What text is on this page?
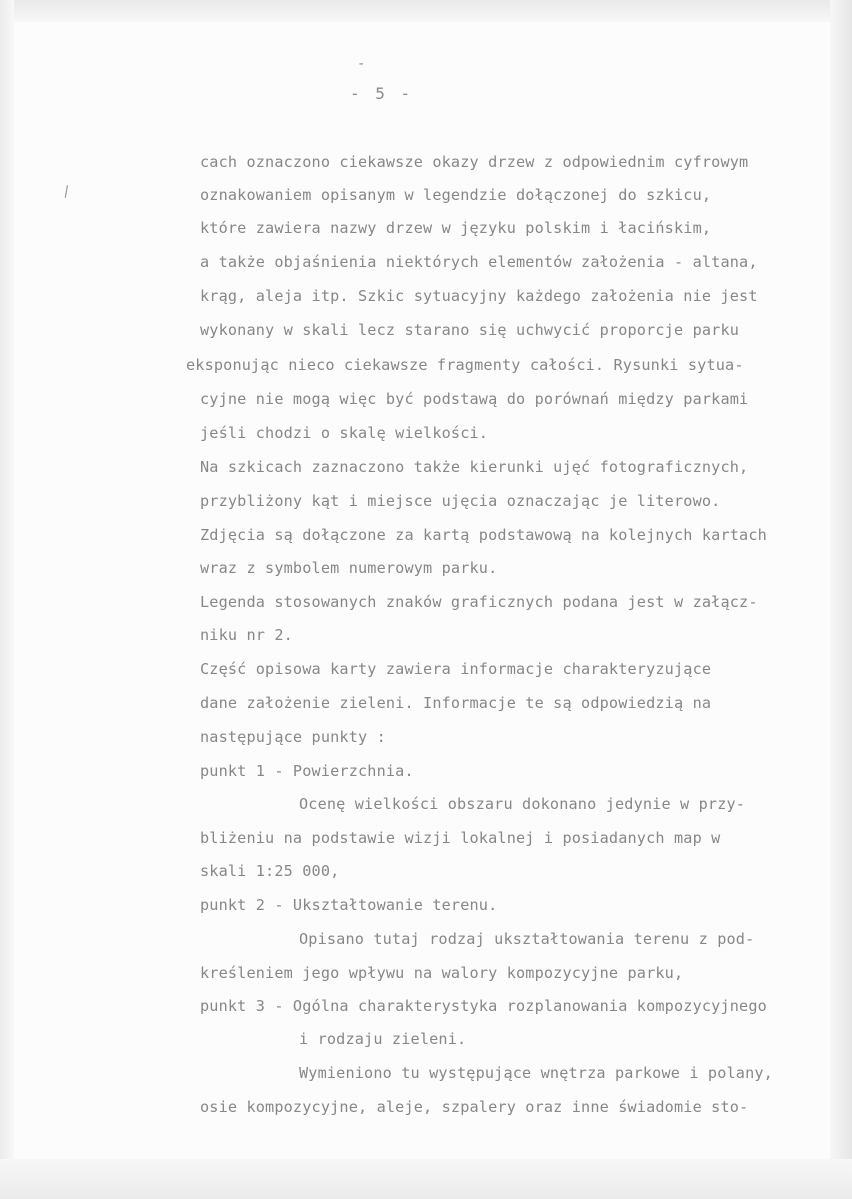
-
- 5 -
\
cach oznaczono ciekawsze okazy drzew z odpowiednim cyfrowym
oznakowaniem opisanym w legendzie dołączonej do szkicu,
które zawiera nazwy drzew w języku polskim i łacińskim,
a także objaśnienia niektórych elementów założenia - altana,
krąg, aleja itp. Szkic sytuacyjny każdego założenia nie jest
wykonany w skali lecz starano się uchwycić proporcje parku
eksponując nieco ciekawsze fragmenty całości. Rysunki sytua-
cyjne nie mogą więc być podstawą do porównań między parkami
jeśli chodzi o skalę wielkości.
Na szkicach zaznaczono także kierunki ujęć fotograficznych,
przybliżony kąt i miejsce ujęcia oznaczając je literowo.
Zdjęcia są dołączone za kartą podstawową na kolejnych kartach
wraz z symbolem numerowym parku.
Legenda stosowanych znaków graficznych podana jest w załącz-
niku nr 2.
Część opisowa karty zawiera informacje charakteryzujące
dane założenie zieleni. Informacje te są odpowiedzią na
następujące punkty :
punkt 1 - Powierzchnia.
Ocenę wielkości obszaru dokonano jedynie w przy-
bliżeniu na podstawie wizji lokalnej i posiadanych map w
skali 1:25 000,
punkt 2 - Ukształtowanie terenu.
Opisano tutaj rodzaj ukształtowania terenu z pod-
kreśleniem jego wpływu na walory kompozycyjne parku,
punkt 3 - Ogólna charakterystyka rozplanowania kompozycyjnego
i rodzaju zieleni.
Wymieniono tu występujące wnętrza parkowe i polany,
osie kompozycyjne, aleje, szpalery oraz inne świadomie sto-
